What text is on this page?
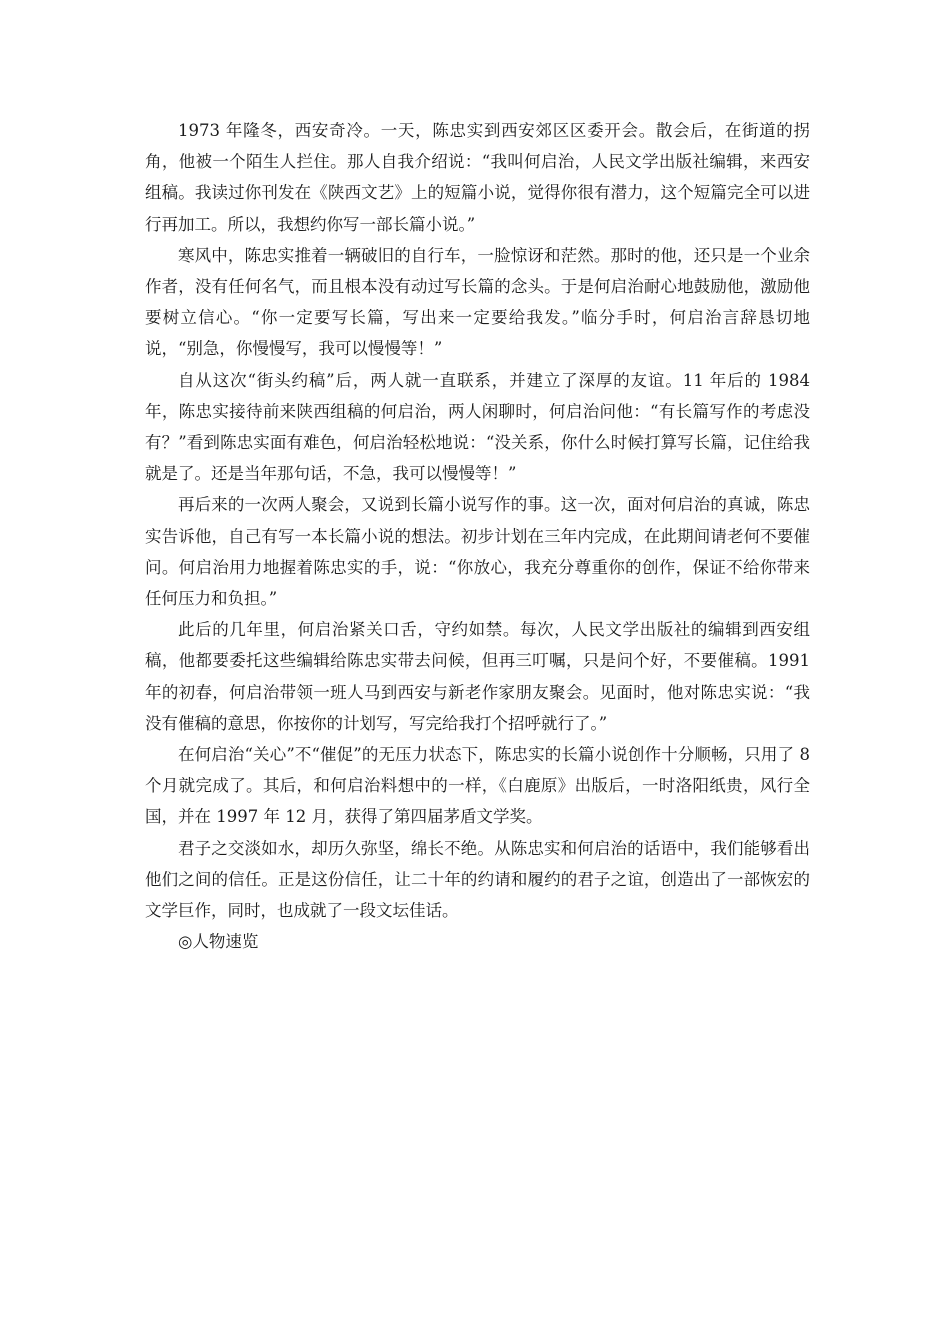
1973 年隆冬，西安奇冷。一天，陈忠实到西安郊区区委开会。散会后，在街道的拐角，他被一个陌生人拦住。那人自我介绍说：“我叫何启治，人民文学出版社编辑，来西安组稿。我读过你刊发在《陕西文艺》上的短篇小说，觉得你很有潜力，这个短篇完全可以进行再加工。所以，我想约你写一部长篇小说。”

寒风中，陈忠实推着一辆破旧的自行车，一脸惊讶和茫然。那时的他，还只是一个业余作者，没有任何名气，而且根本没有动过写长篇的念头。于是何启治耐心地鼓励他，激励他要树立信心。“你一定要写长篇，写出来一定要给我发。”临分手时，何启治言辞恳切地说，“别急，你慢慢写，我可以慢慢等！”

自从这次“街头约稿”后，两人就一直联系，并建立了深厚的友谊。11 年后的 1984 年，陈忠实接待前来陕西组稿的何启治，两人闲聊时，何启治问他：“有长篇写作的考虑没有？”看到陈忠实面有难色，何启治轻松地说：“没关系，你什么时候打算写长篇，记住给我就是了。还是当年那句话，不急，我可以慢慢等！”

再后来的一次两人聚会，又说到长篇小说写作的事。这一次，面对何启治的真诚，陈忠实告诉他，自己有写一本长篇小说的想法。初步计划在三年内完成，在此期间请老何不要催问。何启治用力地握着陈忠实的手，说：“你放心，我充分尊重你的创作，保证不给你带来任何压力和负担。”

此后的几年里，何启治紧关口舌，守约如禁。每次，人民文学出版社的编辑到西安组稿，他都要委托这些编辑给陈忠实带去问候，但再三叮嘱，只是问个好，不要催稿。1991 年的初春，何启治带领一班人马到西安与新老作家朋友聚会。见面时，他对陈忠实说：“我没有催稿的意思，你按你的计划写，写完给我打个招呼就行了。”

在何启治“关心”不“催促”的无压力状态下，陈忠实的长篇小说创作十分顺畅，只用了 8 个月就完成了。其后，和何启治料想中的一样，《白鹿原》出版后，一时洛阳纸贵，风行全国，并在 1997 年 12 月，获得了第四届茅盾文学奖。

君子之交淡如水，却历久弥坚，绵长不绝。从陈忠实和何启治的话语中，我们能够看出他们之间的信任。正是这份信任，让二十年的约请和履约的君子之谊，创造出了一部恢宏的文学巨作，同时，也成就了一段文坛佳话。

◎人物速览
